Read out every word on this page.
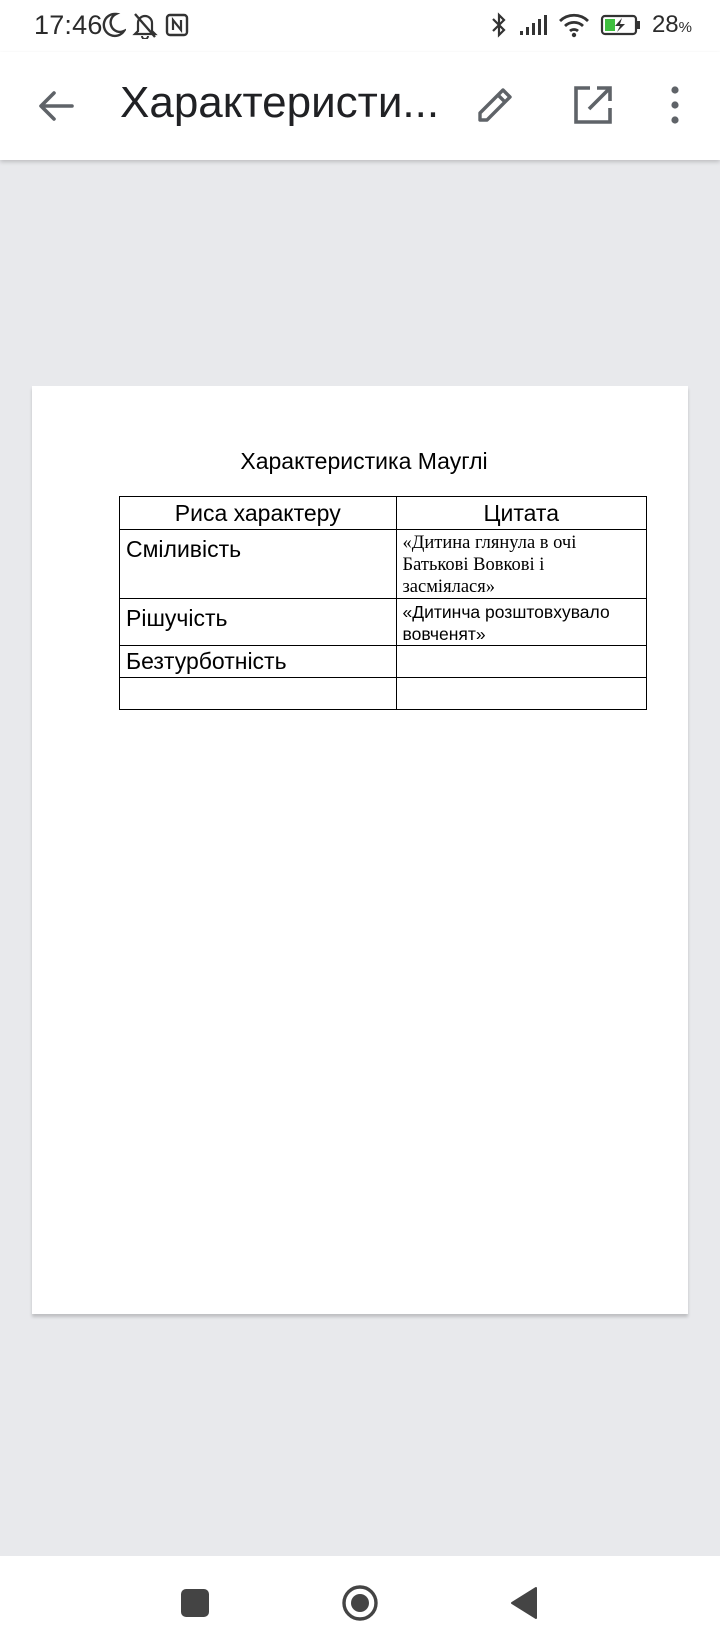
17:46	28%
Характеристи...
Характеристика Мауглі
Риса характеру	Цитата
Сміливість	«Дитина глянула в очі Батькові Вовкові і засміялася»
Рішучість	«Дитинча розштовхувало вовченят»
Безтурботність	
